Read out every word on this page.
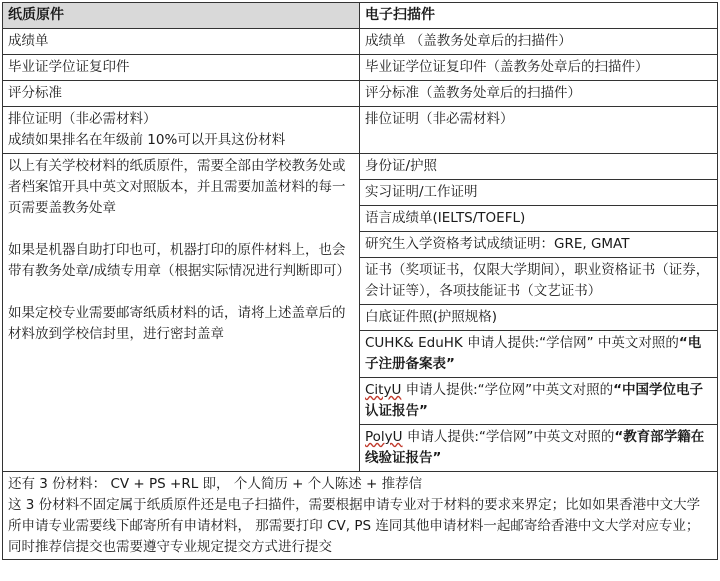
纸质原件	电子扫描件
成绩单	成绩单 （盖教务处章后的扫描件）
毕业证学位证复印件	毕业证学位证复印件（盖教务处章后的扫描件）
评分标准	评分标准（盖教务处章后的扫描件）

排位证明（非必需材料）
成绩如果排名在年级前 10%可以开具这份材料	排位证明（非必需材料）

以上有关学校材料的纸质原件，需要全部由学校教务处或者档案馆开具中英文对照版本，并且需要加盖材料的每一页需要盖教务处章
如果是机器自助打印也可，机器打印的原件材料上，也会带有教务处章/成绩专用章（根据实际情况进行判断即可）
如果定校专业需要邮寄纸质材料的话，请将上述盖章后的材料放到学校信封里，进行密封盖章	身份证/护照
	实习证明/工作证明
	语言成绩单(IELTS/TOEFL)
	研究生入学资格考试成绩证明：GRE, GMAT
	证书（奖项证书，仅限大学期间），职业资格证书（证券，会计证等），各项技能证书（文艺证书）
	白底证件照(护照规格)
	CUHK& EduHK 申请人提供:“学信网” 中英文对照的“电子注册备案表”
	CityU 申请人提供:“学位网”中英文对照的“中国学位电子认证报告”
	PolyU 申请人提供:“学信网”中英文对照的“教育部学籍在线验证报告”

还有 3 份材料： CV + PS +RL 即， 个人简历 + 个人陈述 + 推荐信
这 3 份材料不固定属于纸质原件还是电子扫描件，需要根据申请专业对于材料的要求来界定；比如如果香港中文大学所申请专业需要线下邮寄所有申请材料， 那需要打印 CV, PS 连同其他申请材料一起邮寄给香港中文大学对应专业； 同时推荐信提交也需要遵守专业规定提交方式进行提交	
